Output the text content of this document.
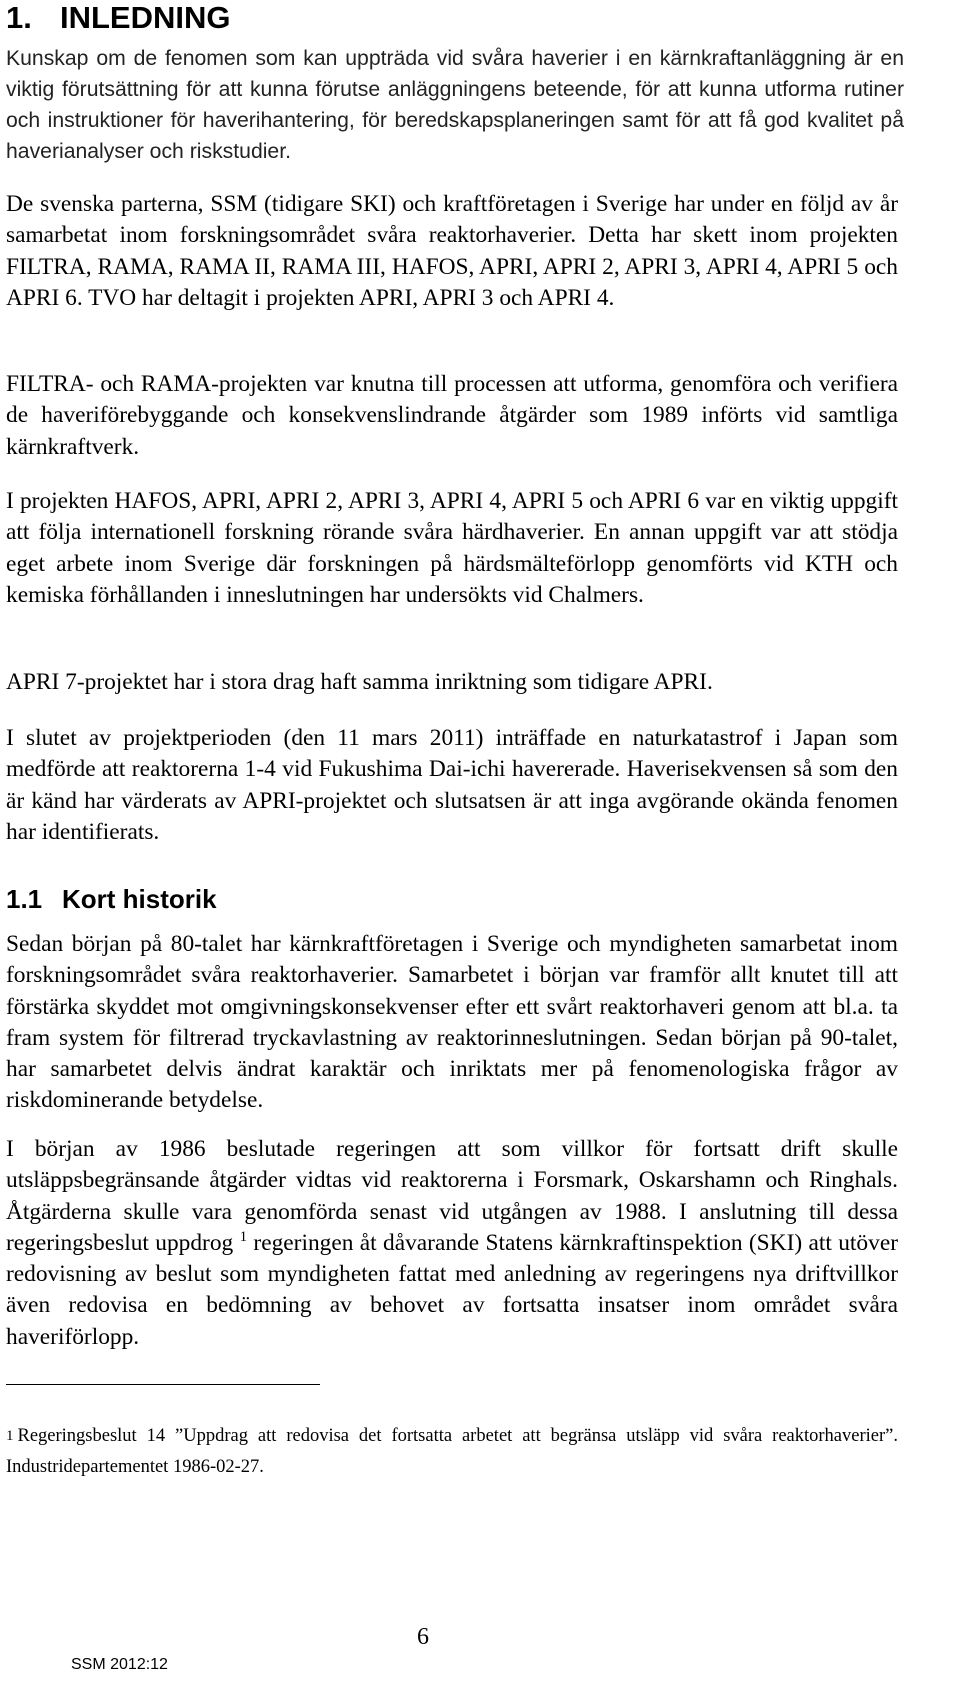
1. INLEDNING
Kunskap om de fenomen som kan uppträda vid svåra haverier i en kärnkraftanläggning är en viktig förutsättning för att kunna förutse anläggningens beteende, för att kunna utforma rutiner och instruktioner för haverihantering, för beredskapsplaneringen samt för att få god kvalitet på haverianalyser och riskstudier.

De svenska parterna, SSM (tidigare SKI) och kraftföretagen i Sverige har under en följd av år samarbetat inom forskningsområdet svåra reaktorhaverier. Detta har skett inom projekten FILTRA, RAMA, RAMA II, RAMA III, HAFOS, APRI, APRI 2, APRI 3, APRI 4, APRI 5 och APRI 6. TVO har deltagit i projekten APRI, APRI 3 och APRI 4.

FILTRA- och RAMA-projekten var knutna till processen att utforma, genomföra och verifiera de haveriförebyggande och konsekvenslindrande åtgärder som 1989 införts vid samtliga kärnkraftverk.

I projekten HAFOS, APRI, APRI 2, APRI 3, APRI 4, APRI 5 och APRI 6 var en viktig uppgift att följa internationell forskning rörande svåra härdhaverier. En annan uppgift var att stödja eget arbete inom Sverige där forskningen på härdsmälteförlopp genomförts vid KTH och kemiska förhållanden i inneslutningen har undersökts vid Chalmers.

APRI 7-projektet har i stora drag haft samma inriktning som tidigare APRI.

I slutet av projektperioden (den 11 mars 2011) inträffade en naturkatastrof i Japan som medförde att reaktorerna 1-4 vid Fukushima Dai-ichi havererade. Haverisekvensen så som den är känd har värderats av APRI-projektet och slutsatsen är att inga avgörande okända fenomen har identifierats.

1.1 Kort historik

Sedan början på 80-talet har kärnkraftföretagen i Sverige och myndigheten samarbetat inom forskningsområdet svåra reaktorhaverier. Samarbetet i början var framför allt knutet till att förstärka skyddet mot omgivningskonsekvenser efter ett svårt reaktorhaveri genom att bl.a. ta fram system för filtrerad tryckavlastning av reaktorinneslutningen. Sedan början på 90-talet, har samarbetet delvis ändrat karaktär och inriktats mer på fenomenologiska frågor av riskdominerande betydelse.

I början av 1986 beslutade regeringen att som villkor för fortsatt drift skulle utsläppsbegränsande åtgärder vidtas vid reaktorerna i Forsmark, Oskarshamn och Ringhals. Åtgärderna skulle vara genomförda senast vid utgången av 1988. I anslutning till dessa regeringsbeslut uppdrog $^1$ regeringen åt dåvarande Statens kärnkraftinspektion (SKI) att utöver redovisning av beslut som myndigheten fattat med anledning av regeringens nya driftvillkor även redovisa en bedömning av behovet av fortsatta insatser inom området svåra haveriförlopp.

$^1$ Regeringsbeslut 14 ”Uppdrag att redovisa det fortsatta arbetet att begränsa utsläpp vid svåra reaktorhaverier”. Industridepartementet 1986-02-27.
6
SSM 2012:12
